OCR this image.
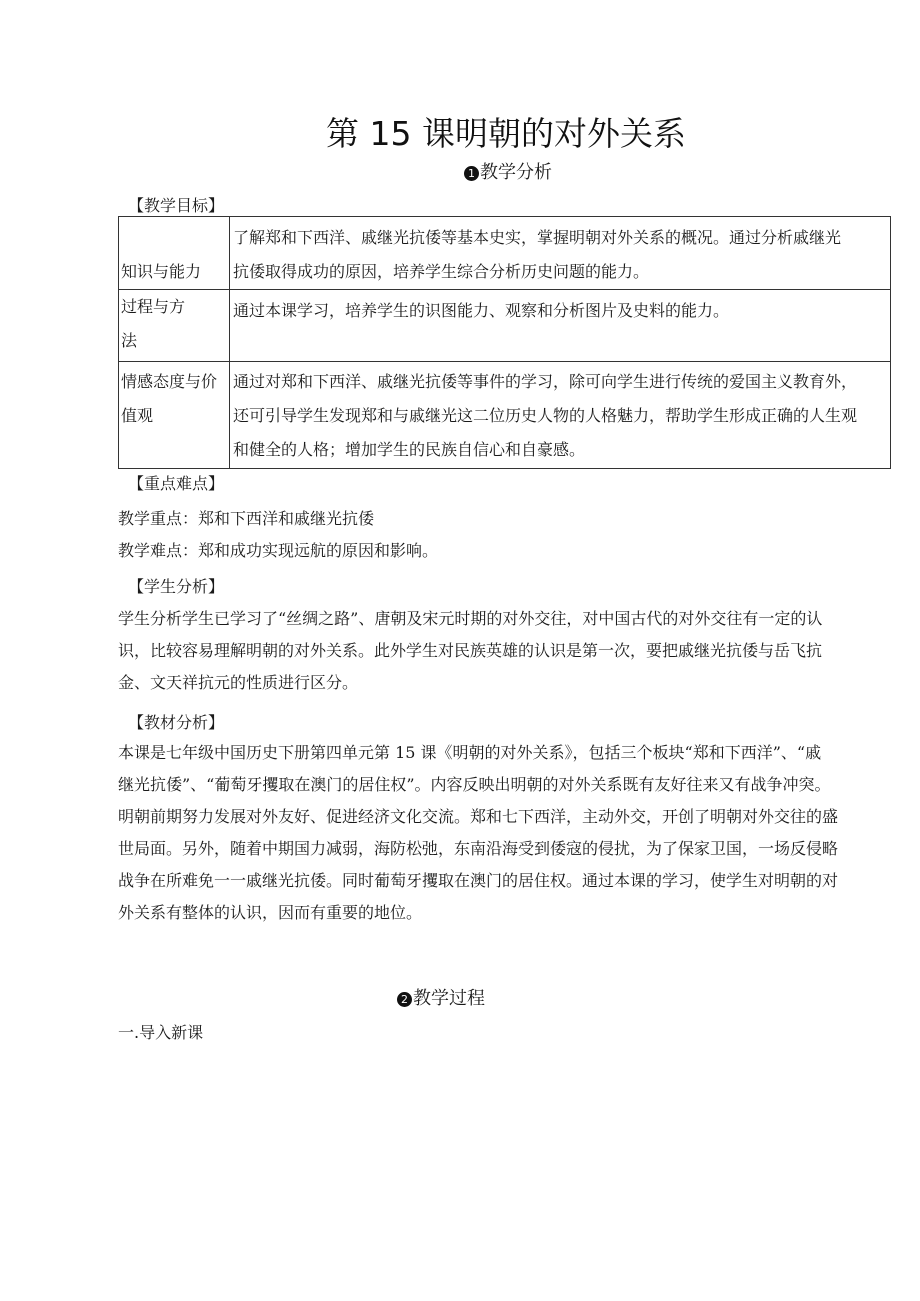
第 15 课明朝的对外关系
1 教学分析
【教学目标】
知识与能力	了解郑和下西洋、戚继光抗倭等基本史实，掌握明朝对外关系的概况。通过分析戚继光
抗倭取得成功的原因，培养学生综合分析历史问题的能力。

过程与方
法	通过本课学习，培养学生的识图能力、观察和分析图片及史料的能力。

情感态度与价
值观	通过对郑和下西洋、戚继光抗倭等事件的学习，除可向学生进行传统的爱国主义教育外，
还可引导学生发现郑和与戚继光这二位历史人物的人格魅力，帮助学生形成正确的人生观
和健全的人格；增加学生的民族自信心和自豪感。
【重点难点】
教学重点：郑和下西洋和戚继光抗倭
教学难点：郑和成功实现远航的原因和影响。
【学生分析】
学生分析学生已学习了“丝绸之路”、唐朝及宋元时期的对外交往，对中国古代的对外交往有一定的认
识，比较容易理解明朝的对外关系。此外学生对民族英雄的认识是第一次，要把戚继光抗倭与岳飞抗
金、文天祥抗元的性质进行区分。
【教材分析】
本课是七年级中国历史下册第四单元第 15 课《明朝的对外关系》，包括三个板块“郑和下西洋”、“戚
继光抗倭”、“葡萄牙攫取在澳门的居住权”。内容反映出明朝的对外关系既有友好往来又有战争冲突。
明朝前期努力发展对外友好、促进经济文化交流。郑和七下西洋，主动外交，开创了明朝对外交往的盛
世局面。另外，随着中期国力减弱，海防松弛，东南沿海受到倭寇的侵扰，为了保家卫国，一场反侵略
战争在所难免一一戚继光抗倭。同时葡萄牙攫取在澳门的居住权。通过本课的学习，使学生对明朝的对
外关系有整体的认识，因而有重要的地位。
2 教学过程
一.导入新课
